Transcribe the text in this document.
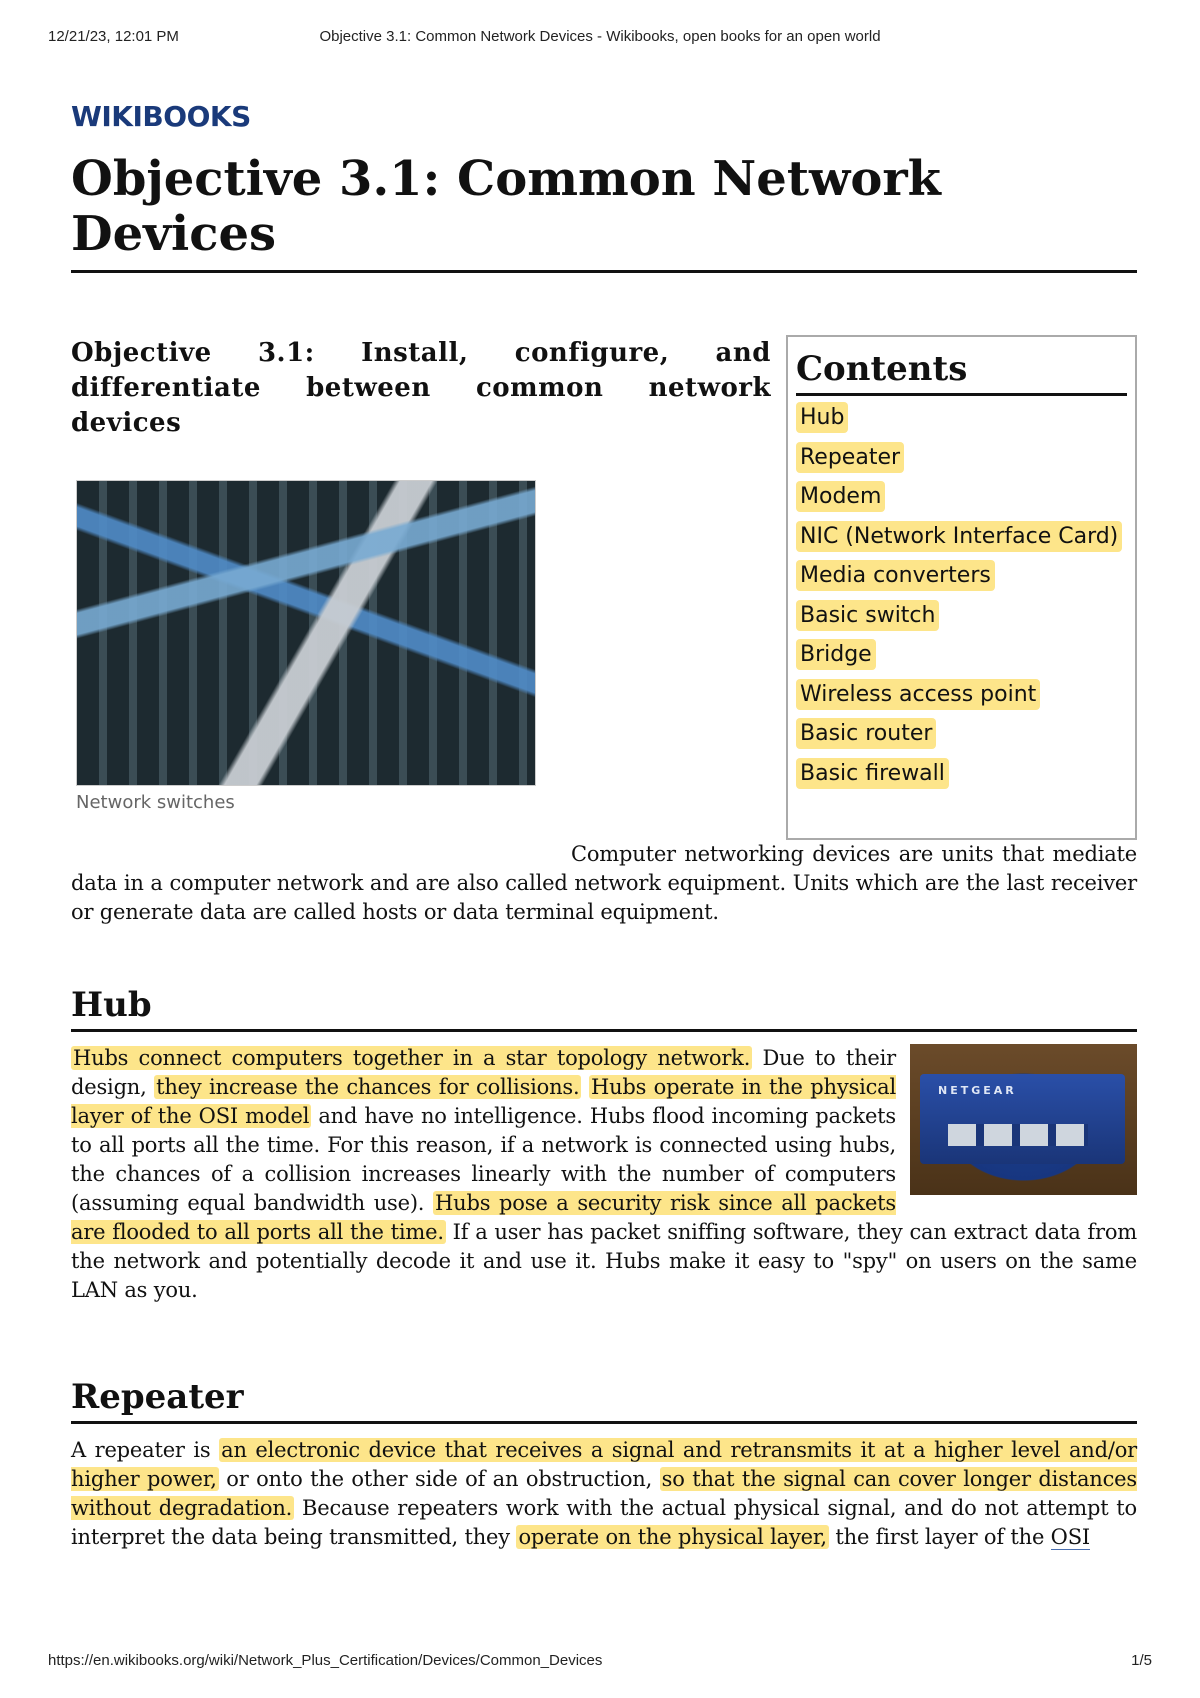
12/21/23, 12:01 PM	Objective 3.1: Common Network Devices - Wikibooks, open books for an open world
WIKIBOOKS
Objective 3.1: Common Network Devices
Objective 3.1: Install, configure, and differentiate between common network devices
Network switches
Contents
Hub
Repeater
Modem
NIC (Network Interface Card)
Media converters
Basic switch
Bridge
Wireless access point
Basic router
Basic firewall

Computer networking devices are units that mediate data in a computer network and are also called network equipment. Units which are the last receiver or generate data are called hosts or data terminal equipment.

Hub
NETGEAR

Hubs connect computers together in a star topology network. Due to their design, they increase the chances for collisions. Hubs operate in the physical layer of the OSI model and have no intelligence. Hubs flood incoming packets to all ports all the time. For this reason, if a network is connected using hubs, the chances of a collision increases linearly with the number of computers (assuming equal bandwidth use). Hubs pose a security risk since all packets are flooded to all ports all the time. If a user has packet sniffing software, they can extract data from the network and potentially decode it and use it. Hubs make it easy to "spy" on users on the same LAN as you.

Repeater

A repeater is an electronic device that receives a signal and retransmits it at a higher level and/or higher power, or onto the other side of an obstruction, so that the signal can cover longer distances without degradation. Because repeaters work with the actual physical signal, and do not attempt to interpret the data being transmitted, they operate on the physical layer, the first layer of the OSI

https://en.wikibooks.org/wiki/Network_Plus_Certification/Devices/Common_Devices	1/5
